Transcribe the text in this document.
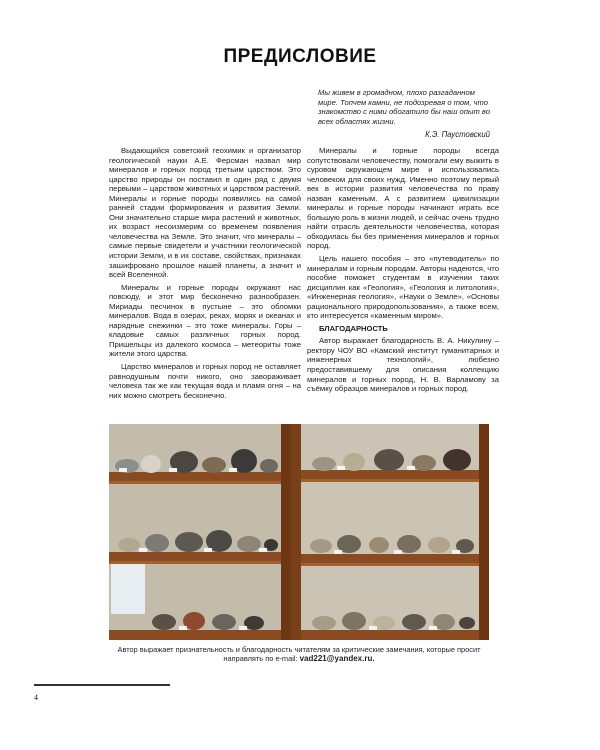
ПРЕДИСЛОВИЕ
Мы живем в громадном, плохо разгаданном мире. Топчем камни, не подозревая о том, что знакомство с ними обогатило бы наш опыт во всех областях жизни.
К.Э. Паустовский

Выдающийся советский геохимик и организатор геологической науки А.Е. Ферсман назвал мир минералов и горных пород третьим царством. Это царство природы он поставил в один ряд с двумя первыми – царством животных и царством растений. Минералы и горные породы появились на самой ранней стадии формирования и развития Земли. Они значительно старше мира растений и животных, их возраст несоизмерим со временем появления человечества на Земле. Это значит, что минералы – самые первые свидетели и участники геологической истории Земли, и в их составе, свойствах, признаках зашифровано прошлое нашей планеты, а значит и всей Вселенной.

Минералы и горные породы окружают нас повсюду, и этот мир бесконечно разнообразен. Мириады песчинок в пустыне – это обломки минералов. Вода в озерах, реках, морях и океанах и нарядные снежинки – это тоже минералы. Горы – кладовые самых различных горных пород. Пришельцы из далекого космоса – метеориты тоже жители этого царства.

Царство минералов и горных пород не оставляет равнодушным почти никого, оно завораживает человека так же как текущая вода и пламя огня – на них можно смотреть бесконечно.

Минералы и горные породы всегда сопутствовали человечеству, помогали ему выжить в суровом окружающем мире и использовались человеком для своих нужд. Именно поэтому первый век в истории развития человечества по праву назван каменным. А с развитием цивилизации минералы и горные породы начинают играть все большую роль в жизни людей, и сейчас очень трудно найти отрасль деятельности человечества, которая обходилась бы без применения минералов и горных пород.

Цель нашего пособия – это «путеводитель» по минералам и горным породам. Авторы надеются, что пособие поможет студентам в изучении таких дисциплин как «Геология», «Геология и литология», «Инженерная геология», «Науки о Земле», «Основы рационального природопользования», а также всем, кто интересуется «каменным миром».

БЛАГОДАРНОСТЬ

Автор выражает благодарность В. А. Никулину – ректору ЧОУ ВО «Камский институт гуманитарных и инженерных технологий», любезно предоставившему для описания коллекцию минералов и горных пород, Н. В. Варламову за съёмку образцов минералов и горных пород.

Автор выражает признательность и благодарность читателям за критические замечания, которые просит направлять по e-mail: vad221@yandex.ru.
4
